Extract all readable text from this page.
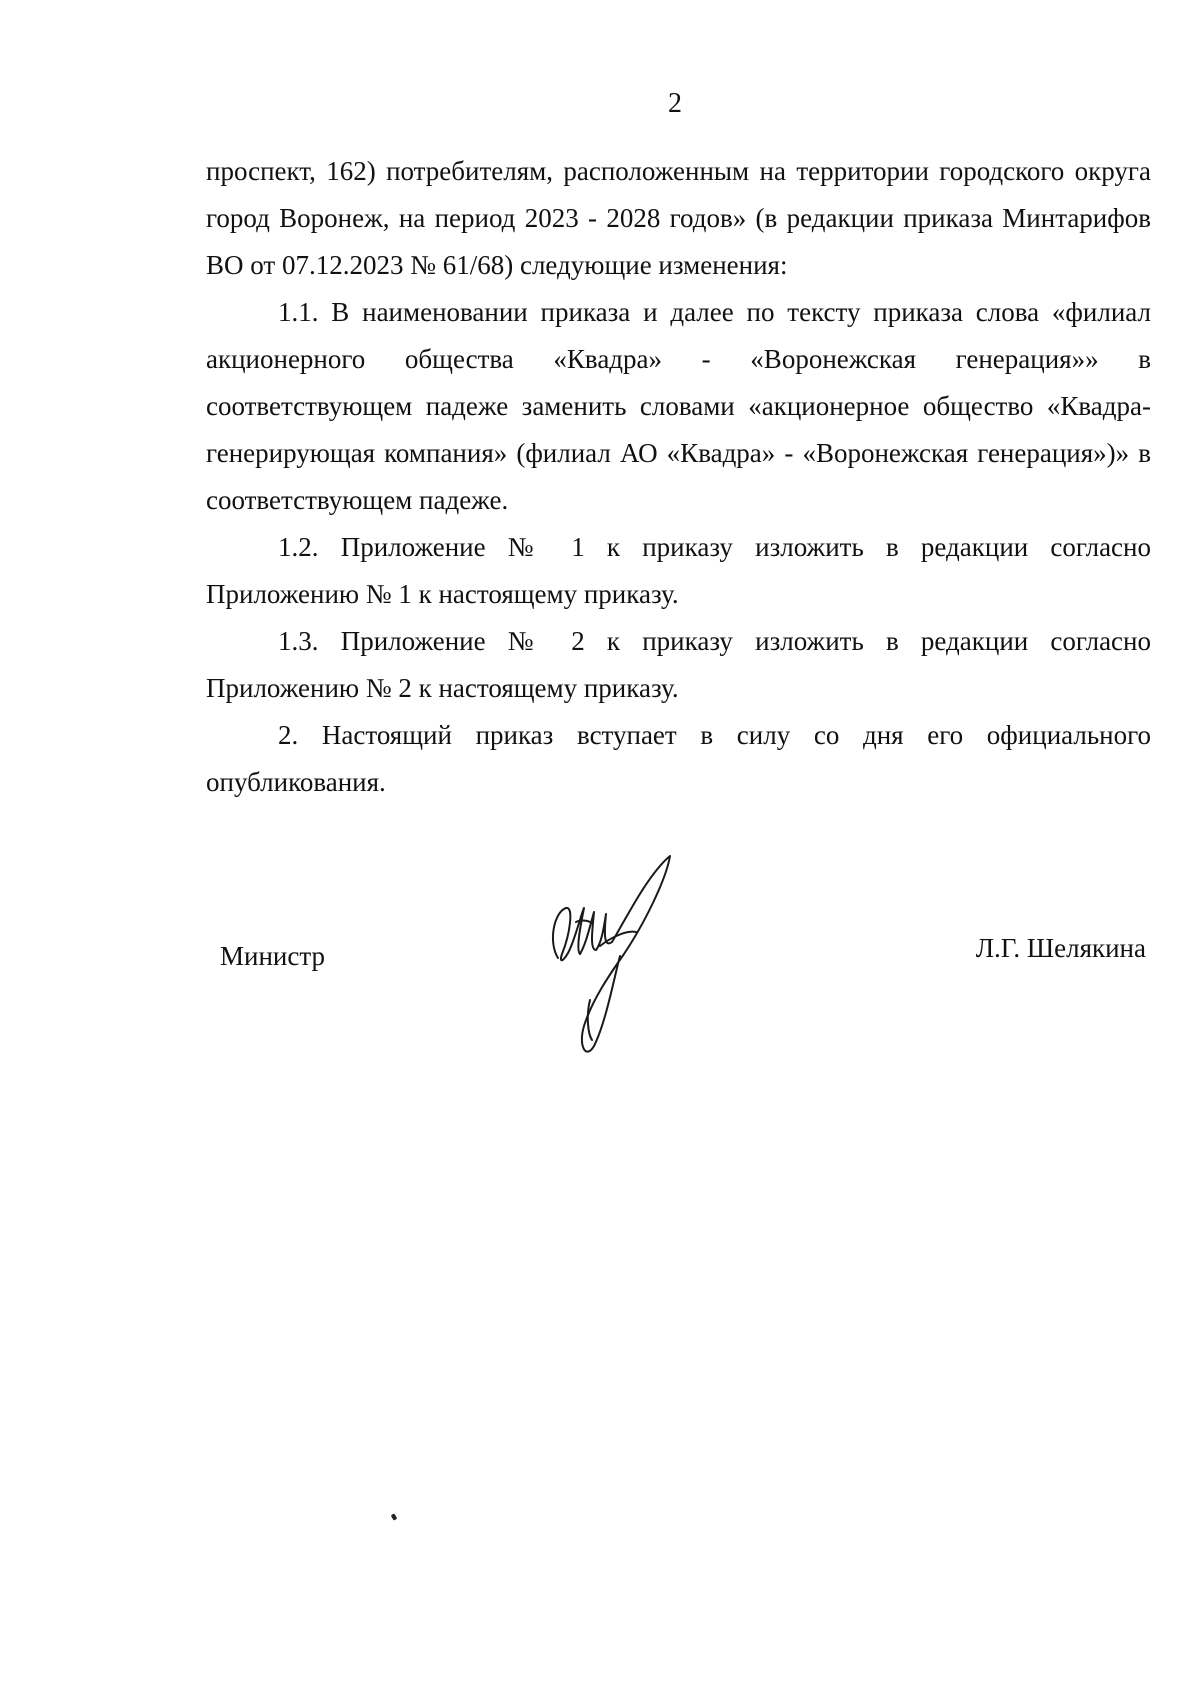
2

проспект, 162) потребителям, расположенным на территории городского округа город Воронеж, на период 2023 - 2028 годов» (в редакции приказа Минтарифов ВО от 07.12.2023 № 61/68) следующие изменения:

1.1. В наименовании приказа и далее по тексту приказа слова «филиал акционерного общества «Квадра» - «Воронежская генерация»» в соответствующем падеже заменить словами «акционерное общество «Квадра-генерирующая компания» (филиал АО «Квадра» - «Воронежская генерация»)» в соответствующем падеже.

1.2. Приложение № 1 к приказу изложить в редакции согласно Приложению № 1 к настоящему приказу.

1.3. Приложение № 2 к приказу изложить в редакции согласно Приложению № 2 к настоящему приказу.

2. Настоящий приказ вступает в силу со дня его официального опубликования.

Министр	Л.Г. Шелякина
